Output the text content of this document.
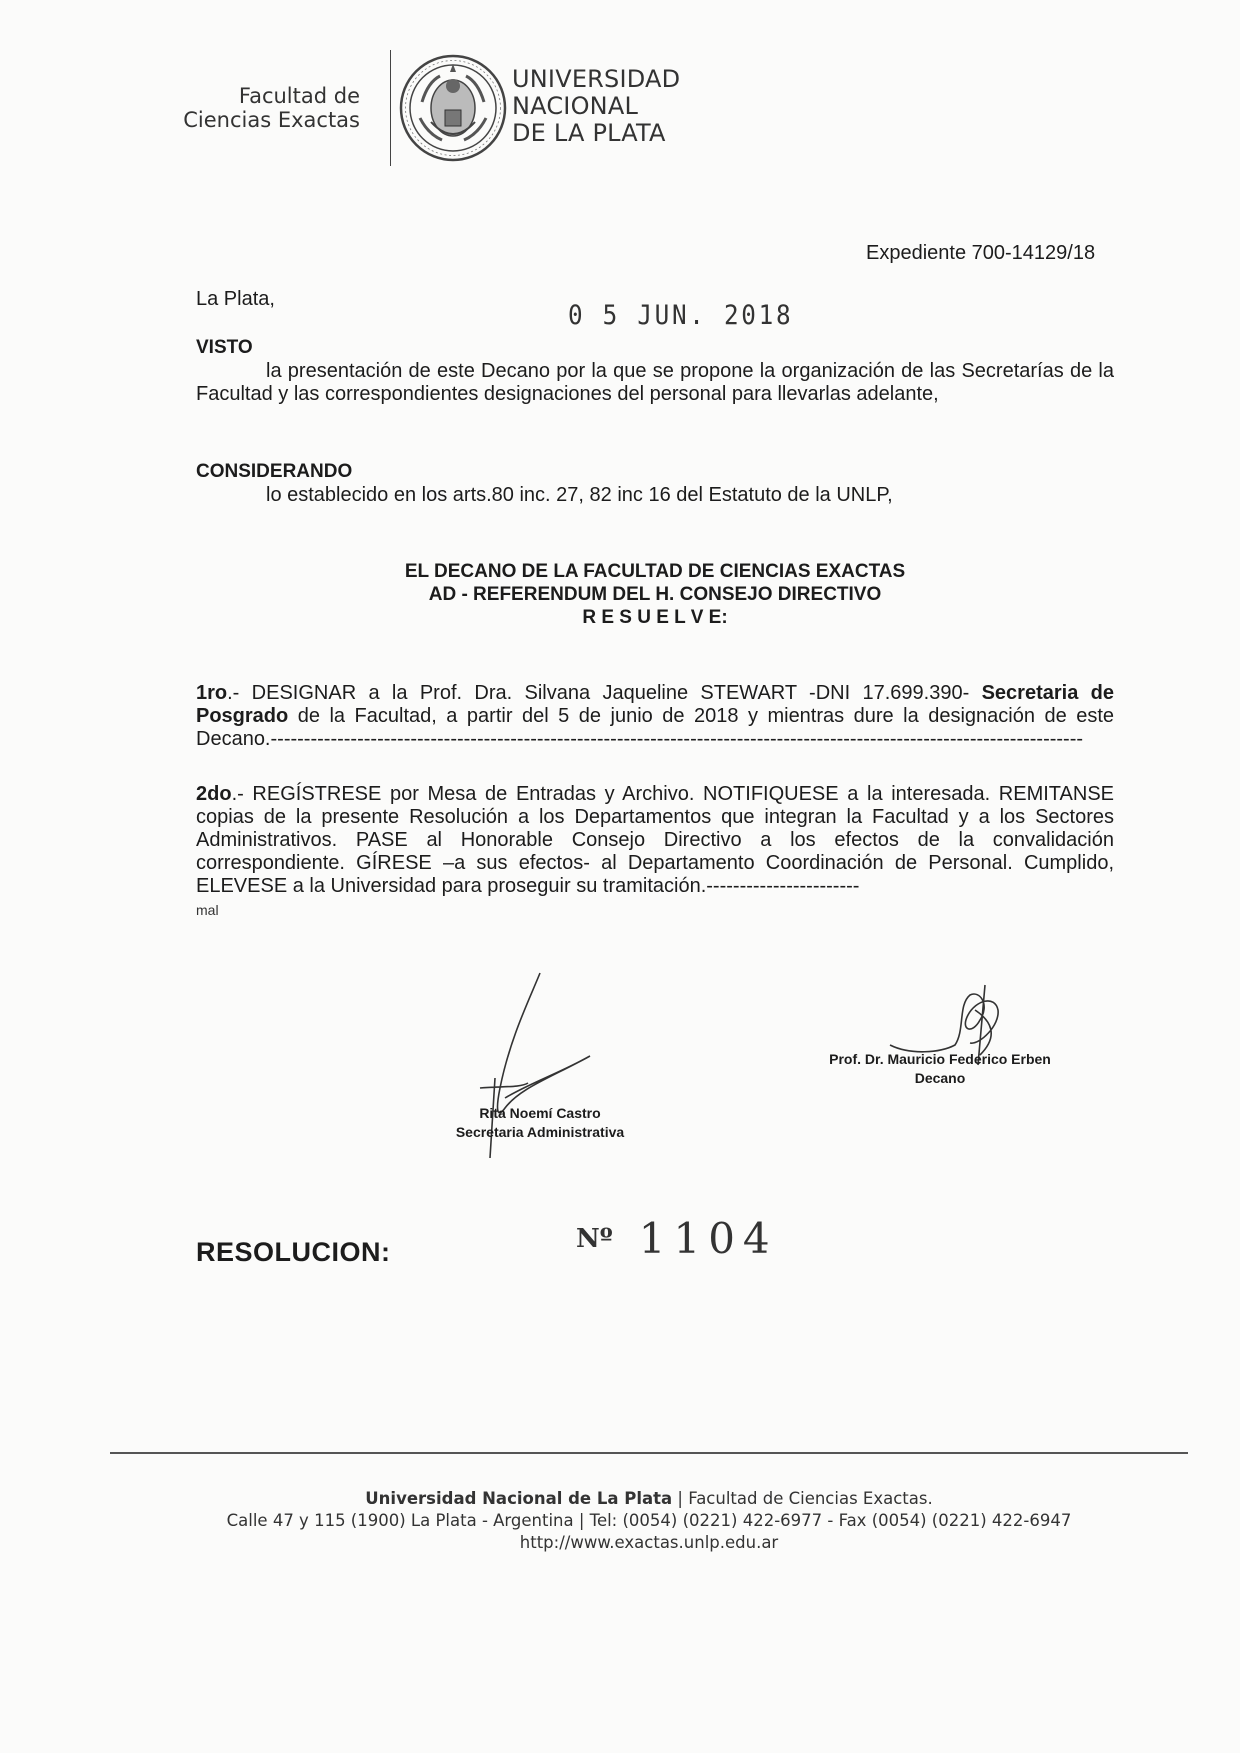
Facultad de
Ciencias Exactas
UNIVERSIDAD
NACIONAL
DE LA PLATA
Expediente 700-14129/18
La Plata,
0 5 JUN. 2018
VISTO
la presentación de este Decano por la que se propone la organización de las Secretarías de la Facultad y las correspondientes designaciones del personal para llevarlas adelante,
CONSIDERANDO
lo establecido en los arts.80 inc. 27, 82 inc 16 del Estatuto de la UNLP,
EL DECANO DE LA FACULTAD DE CIENCIAS EXACTAS
AD - REFERENDUM DEL H. CONSEJO DIRECTIVO
R E S U E L V E:
1ro.- DESIGNAR a la Prof. Dra. Silvana Jaqueline STEWART -DNI 17.699.390- Secretaria de Posgrado de la Facultad, a partir del 5 de junio de 2018 y mientras dure la designación de este Decano.--------------------------------------------------------------------------------------------------------------------------
2do.- REGÍSTRESE por Mesa de Entradas y Archivo. NOTIFIQUESE a la interesada. REMITANSE copias de la presente Resolución a los Departamentos que integran la Facultad y a los Sectores Administrativos. PASE al Honorable Consejo Directivo a los efectos de la convalidación correspondiente. GÍRESE –a sus efectos- al Departamento Coordinación de Personal. Cumplido, ELEVESE a la Universidad para proseguir su tramitación.-----------------------
mal
Rita Noemí Castro
Secretaria Administrativa
Prof. Dr. Mauricio Federico Erben
Decano
RESOLUCION:	Nº 1104
Universidad Nacional de La Plata | Facultad de Ciencias Exactas.
Calle 47 y 115 (1900) La Plata - Argentina | Tel: (0054) (0221) 422-6977 - Fax (0054) (0221) 422-6947
http://www.exactas.unlp.edu.ar
